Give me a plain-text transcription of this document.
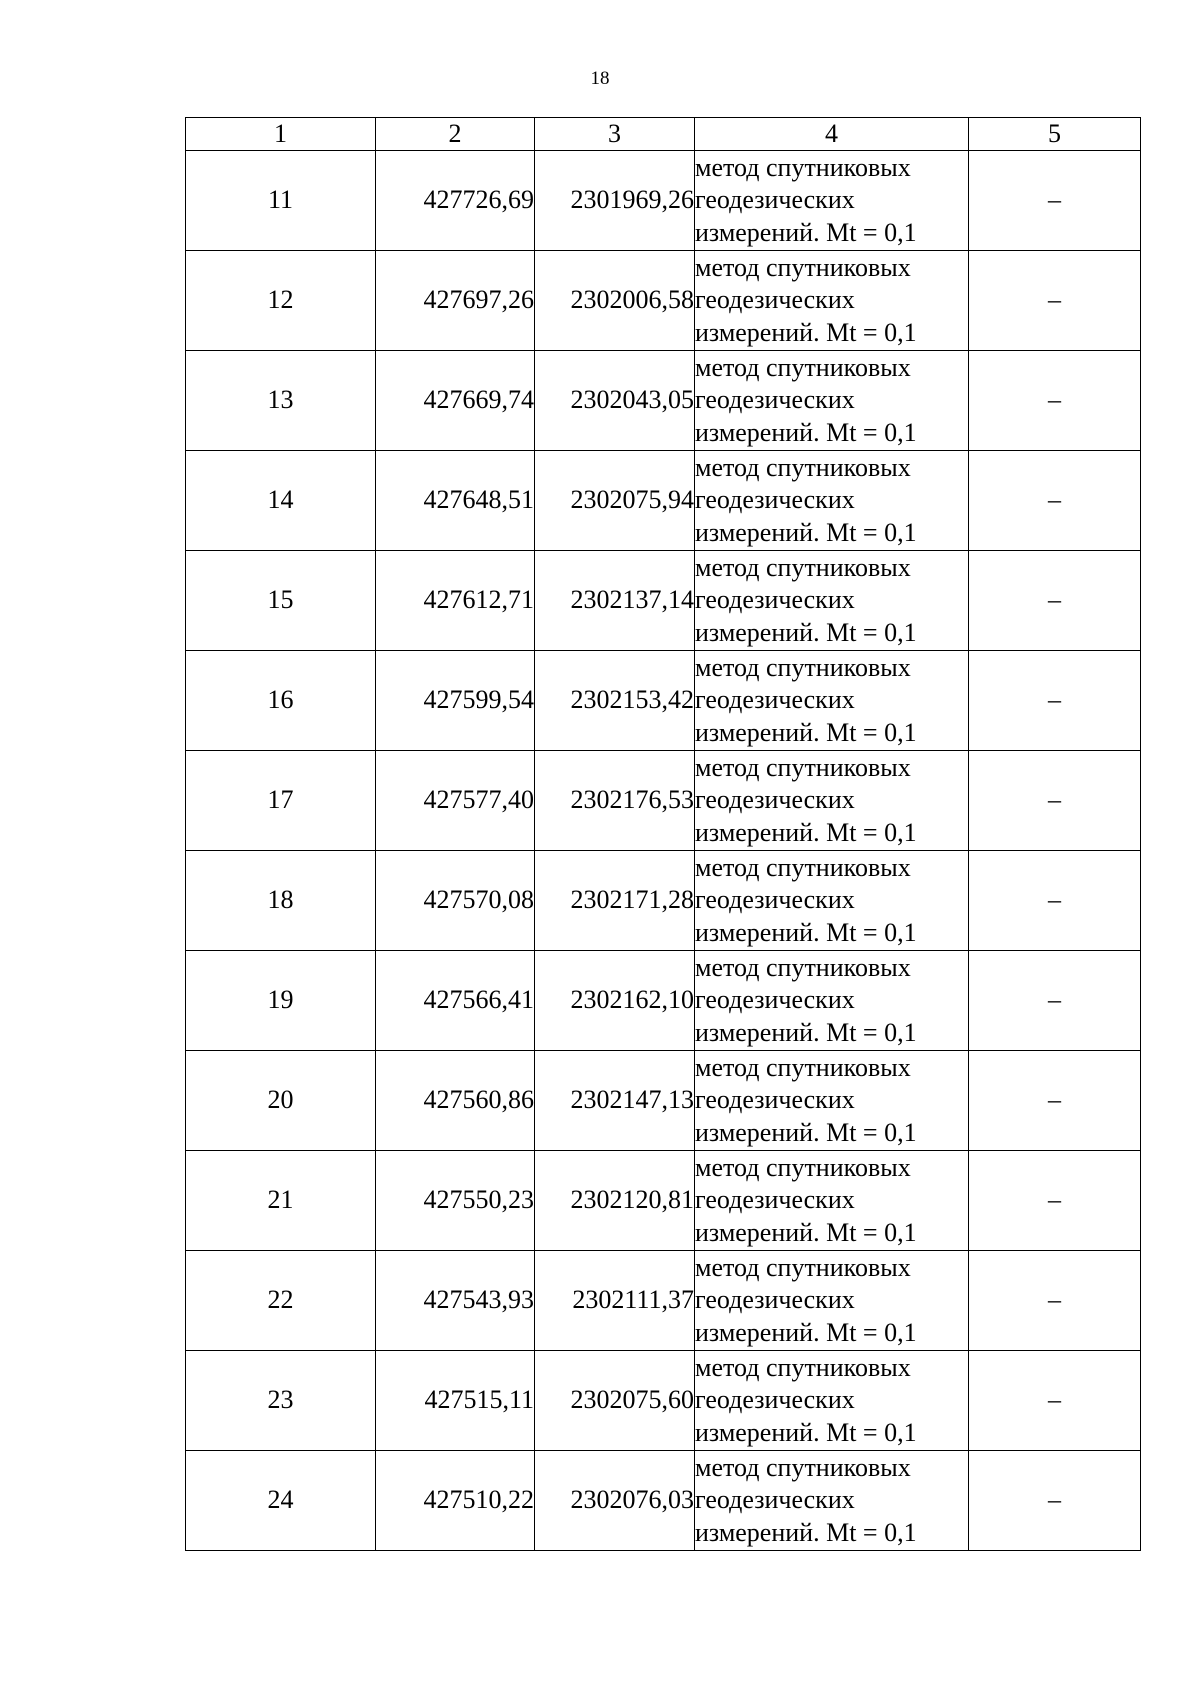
18
1	2	3	4	5
11	427726,69	2301969,26	метод спутниковых
геодезических
измерений. Mt = 0,1	–
12	427697,26	2302006,58	метод спутниковых
геодезических
измерений. Mt = 0,1	–
13	427669,74	2302043,05	метод спутниковых
геодезических
измерений. Mt = 0,1	–
14	427648,51	2302075,94	метод спутниковых
геодезических
измерений. Mt = 0,1	–
15	427612,71	2302137,14	метод спутниковых
геодезических
измерений. Mt = 0,1	–
16	427599,54	2302153,42	метод спутниковых
геодезических
измерений. Mt = 0,1	–
17	427577,40	2302176,53	метод спутниковых
геодезических
измерений. Mt = 0,1	–
18	427570,08	2302171,28	метод спутниковых
геодезических
измерений. Mt = 0,1	–
19	427566,41	2302162,10	метод спутниковых
геодезических
измерений. Mt = 0,1	–
20	427560,86	2302147,13	метод спутниковых
геодезических
измерений. Mt = 0,1	–
21	427550,23	2302120,81	метод спутниковых
геодезических
измерений. Mt = 0,1	–
22	427543,93	2302111,37	метод спутниковых
геодезических
измерений. Mt = 0,1	–
23	427515,11	2302075,60	метод спутниковых
геодезических
измерений. Mt = 0,1	–
24	427510,22	2302076,03	метод спутниковых
геодезических
измерений. Mt = 0,1	–
